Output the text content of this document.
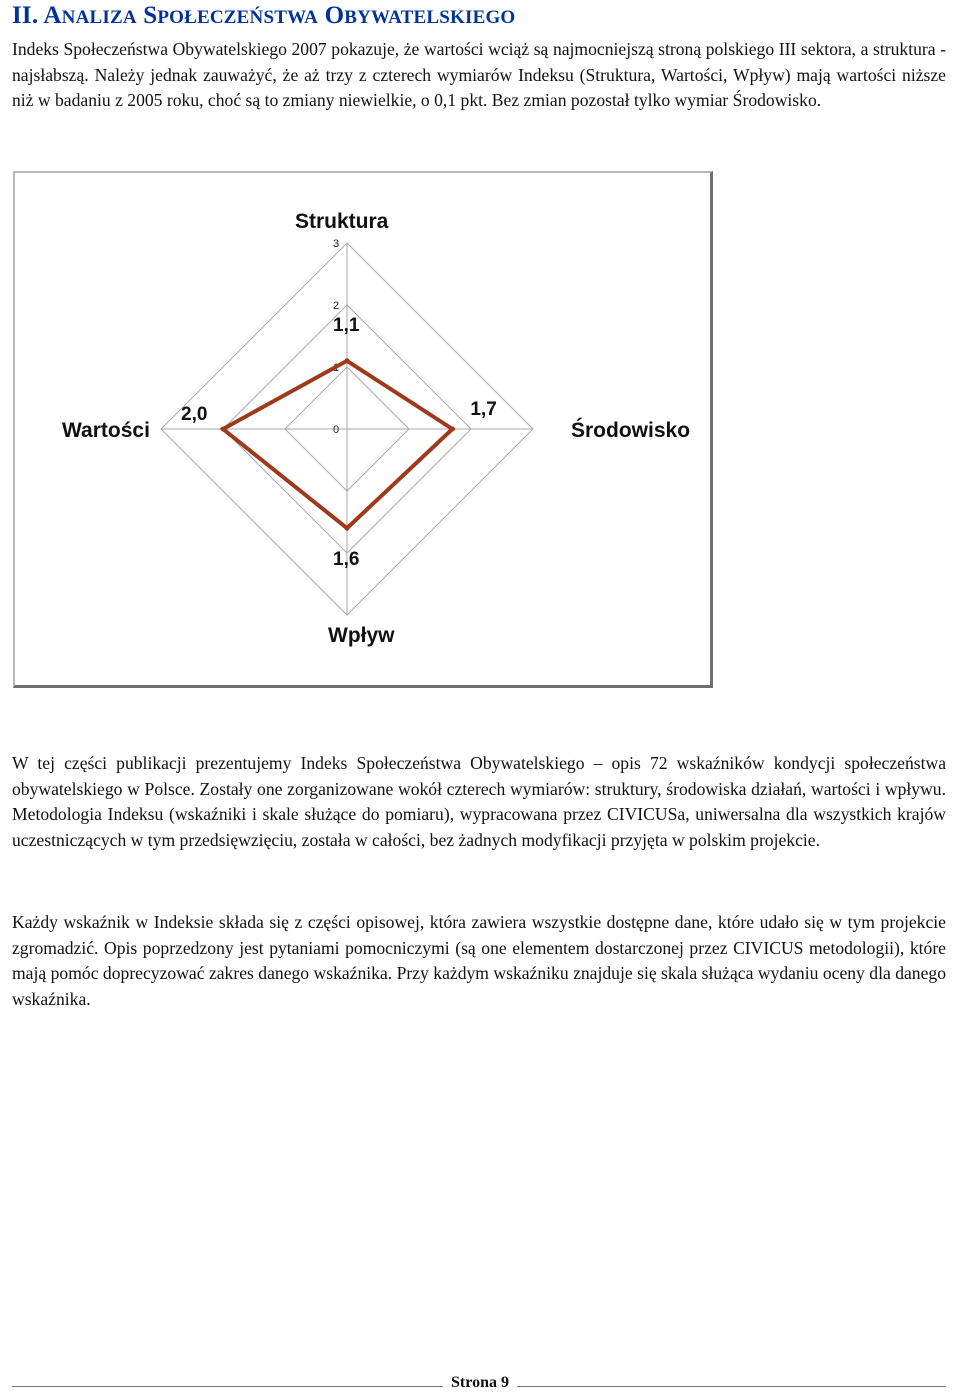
II. ANALIZA SPOŁECZEŃSTWA OBYWATELSKIEGO

Indeks Społeczeństwa Obywatelskiego 2007 pokazuje, że wartości wciąż są najmocniejszą stroną polskiego III sektora, a struktura - najsłabszą. Należy jednak zauważyć, że aż trzy z czterech wymiarów Indeksu (Struktura, Wartości, Wpływ) mają wartości niższe niż w badaniu z 2005 roku, choć są to zmiany niewielkie, o 0,1 pkt. Bez zmian pozostał tylko wymiar Środowisko.

0
1
2
3
1,1
1,7
1,6
2,0
Struktura
Środowisko
Wpływ
Wartości

W tej części publikacji prezentujemy Indeks Społeczeństwa Obywatelskiego – opis 72 wskaźników kondycji społeczeństwa obywatelskiego w Polsce. Zostały one zorganizowane wokół czterech wymiarów: struktury, środowiska działań, wartości i wpływu. Metodologia Indeksu (wskaźniki i skale służące do pomiaru), wypracowana przez CIVICUSa, uniwersalna dla wszystkich krajów uczestniczących w tym przedsięwzięciu, została w całości, bez żadnych modyfikacji przyjęta w polskim projekcie.

Każdy wskaźnik w Indeksie składa się z części opisowej, która zawiera wszystkie dostępne dane, które udało się w tym projekcie zgromadzić. Opis poprzedzony jest pytaniami pomocniczymi (są one elementem dostarczonej przez CIVICUS metodologii), które mają pomóc doprecyzować zakres danego wskaźnika. Przy każdym wskaźniku znajduje się skala służąca wydaniu oceny dla danego wskaźnika.

Strona 9
